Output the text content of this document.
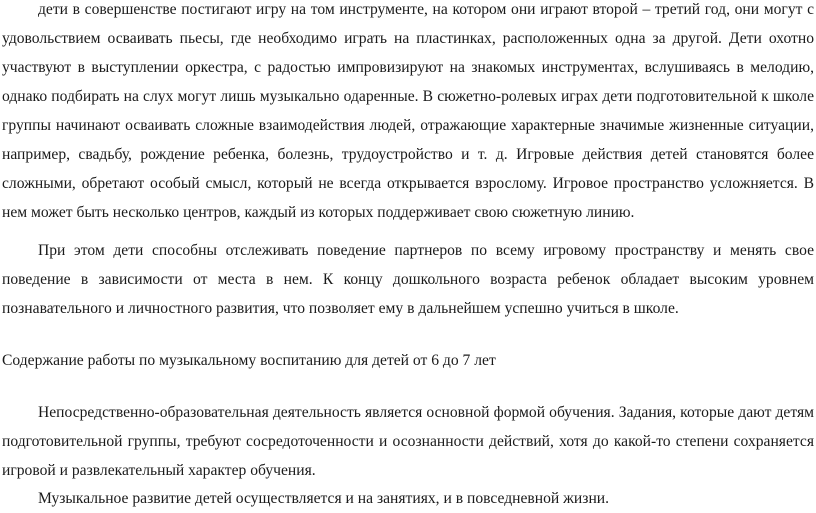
дети в совершенстве постигают игру на том инструменте, на котором они играют второй – третий год, они могут с удовольствием осваивать пьесы, где необходимо играть на пластинках, расположенных одна за другой. Дети охотно участвуют в выступлении оркестра, с радостью импровизируют на знакомых инструментах, вслушиваясь в мелодию, однако подбирать на слух могут лишь музыкально одаренные. В сюжетно-ролевых играх дети подготовительной к школе группы начинают осваивать сложные взаимодействия людей, отражающие характерные значимые жизненные ситуации, например, свадьбу, рождение ребенка, болезнь, трудоустройство и т. д. Игровые действия детей становятся более сложными, обретают особый смысл, который не всегда открывается взрослому. Игровое пространство усложняется. В нем может быть несколько центров, каждый из которых поддерживает свою сюжетную линию.

При этом дети способны отслеживать поведение партнеров по всему игровому пространству и менять свое поведение в зависимости от места в нем. К концу дошкольного возраста ребенок обладает высоким уровнем познавательного и личностного развития, что позволяет ему в дальнейшем успешно учиться в школе.

Содержание работы по музыкальному воспитанию для детей от 6 до 7 лет

Непосредственно-образовательная деятельность является основной формой обучения. Задания, которые дают детям подготовительной группы, требуют сосредоточенности и осознанности действий, хотя до какой-то степени сохраняется игровой и развлекательный характер обучения.

Музыкальное развитие детей осуществляется и на занятиях, и в повседневной жизни.
